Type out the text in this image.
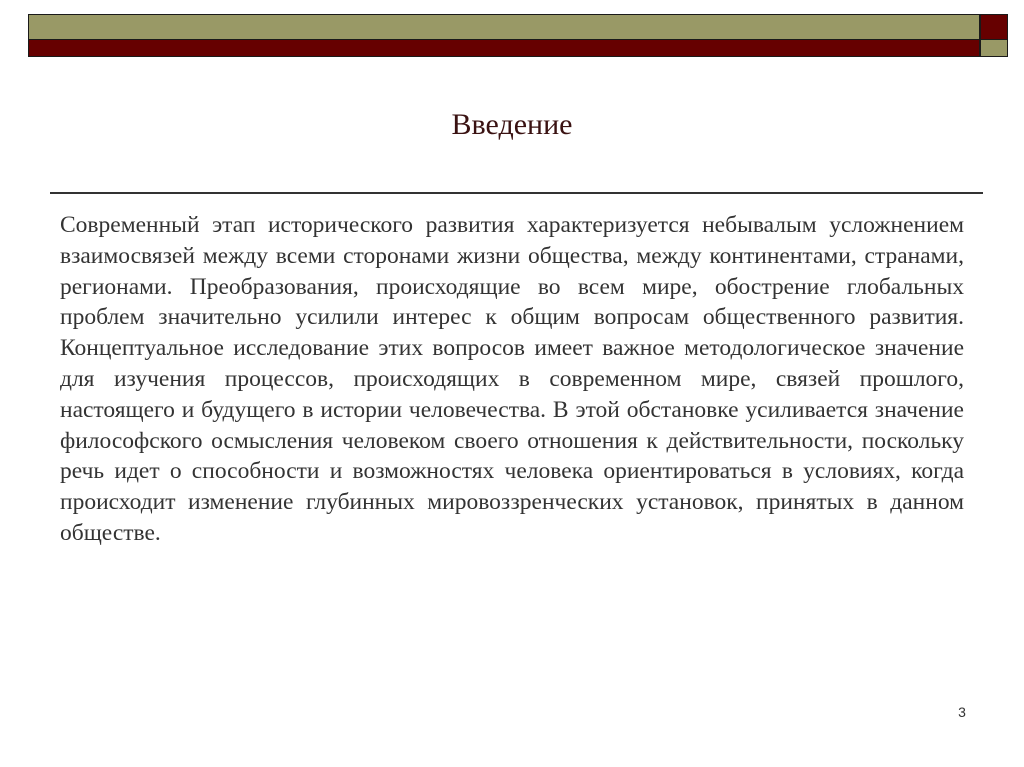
Введение
Современный этап исторического развития характеризуется небывалым усложнением взаимосвязей между всеми сторонами жизни общества, между континентами, странами, регионами. Преобразования, происходящие во всем мире, обострение глобальных проблем значительно усилили интерес к общим вопросам общественного развития. Концептуальное исследование этих вопросов имеет важное методологическое значение для изучения процессов, происходящих в современном мире, связей прошлого, настоящего и будущего в истории человечества. В этой обстановке усиливается значение философского осмысления человеком своего отношения к действительности, поскольку речь идет о способности и возможностях человека ориентироваться в условиях, когда происходит изменение глубинных мировоззренческих установок, принятых в данном обществе.
3
